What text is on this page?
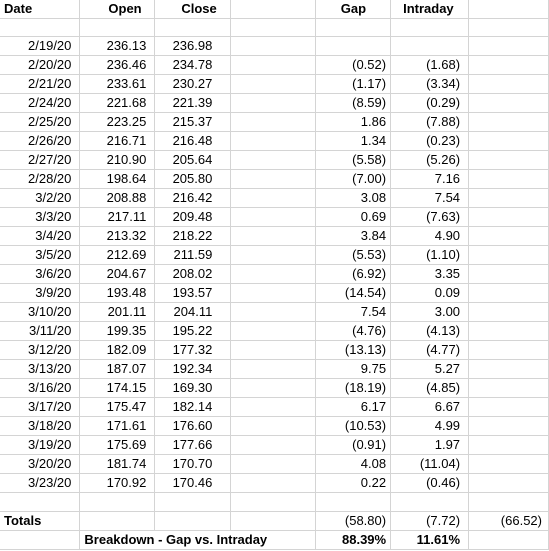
Date	Open	Close		Gap	Intraday	

2/19/20	236.13	236.98				
2/20/20	236.46	234.78		(0.52)	(1.68)	
2/21/20	233.61	230.27		(1.17)	(3.34)	
2/24/20	221.68	221.39		(8.59)	(0.29)	
2/25/20	223.25	215.37		1.86	(7.88)	
2/26/20	216.71	216.48		1.34	(0.23)	
2/27/20	210.90	205.64		(5.58)	(5.26)	
2/28/20	198.64	205.80		(7.00)	7.16	
3/2/20	208.88	216.42		3.08	7.54	
3/3/20	217.11	209.48		0.69	(7.63)	
3/4/20	213.32	218.22		3.84	4.90	
3/5/20	212.69	211.59		(5.53)	(1.10)	
3/6/20	204.67	208.02		(6.92)	3.35	
3/9/20	193.48	193.57		(14.54)	0.09	
3/10/20	201.11	204.11		7.54	3.00	
3/11/20	199.35	195.22		(4.76)	(4.13)	
3/12/20	182.09	177.32		(13.13)	(4.77)	
3/13/20	187.07	192.34		9.75	5.27	
3/16/20	174.15	169.30		(18.19)	(4.85)	
3/17/20	175.47	182.14		6.17	6.67	
3/18/20	171.61	176.60		(10.53)	4.99	
3/19/20	175.69	177.66		(0.91)	1.97	
3/20/20	181.74	170.70		4.08	(11.04)	
3/23/20	170.92	170.46		0.22	(0.46)	

Totals				(58.80)	(7.72)	(66.52)
	Breakdown - Gap vs. Intraday			88.39%	11.61%	
